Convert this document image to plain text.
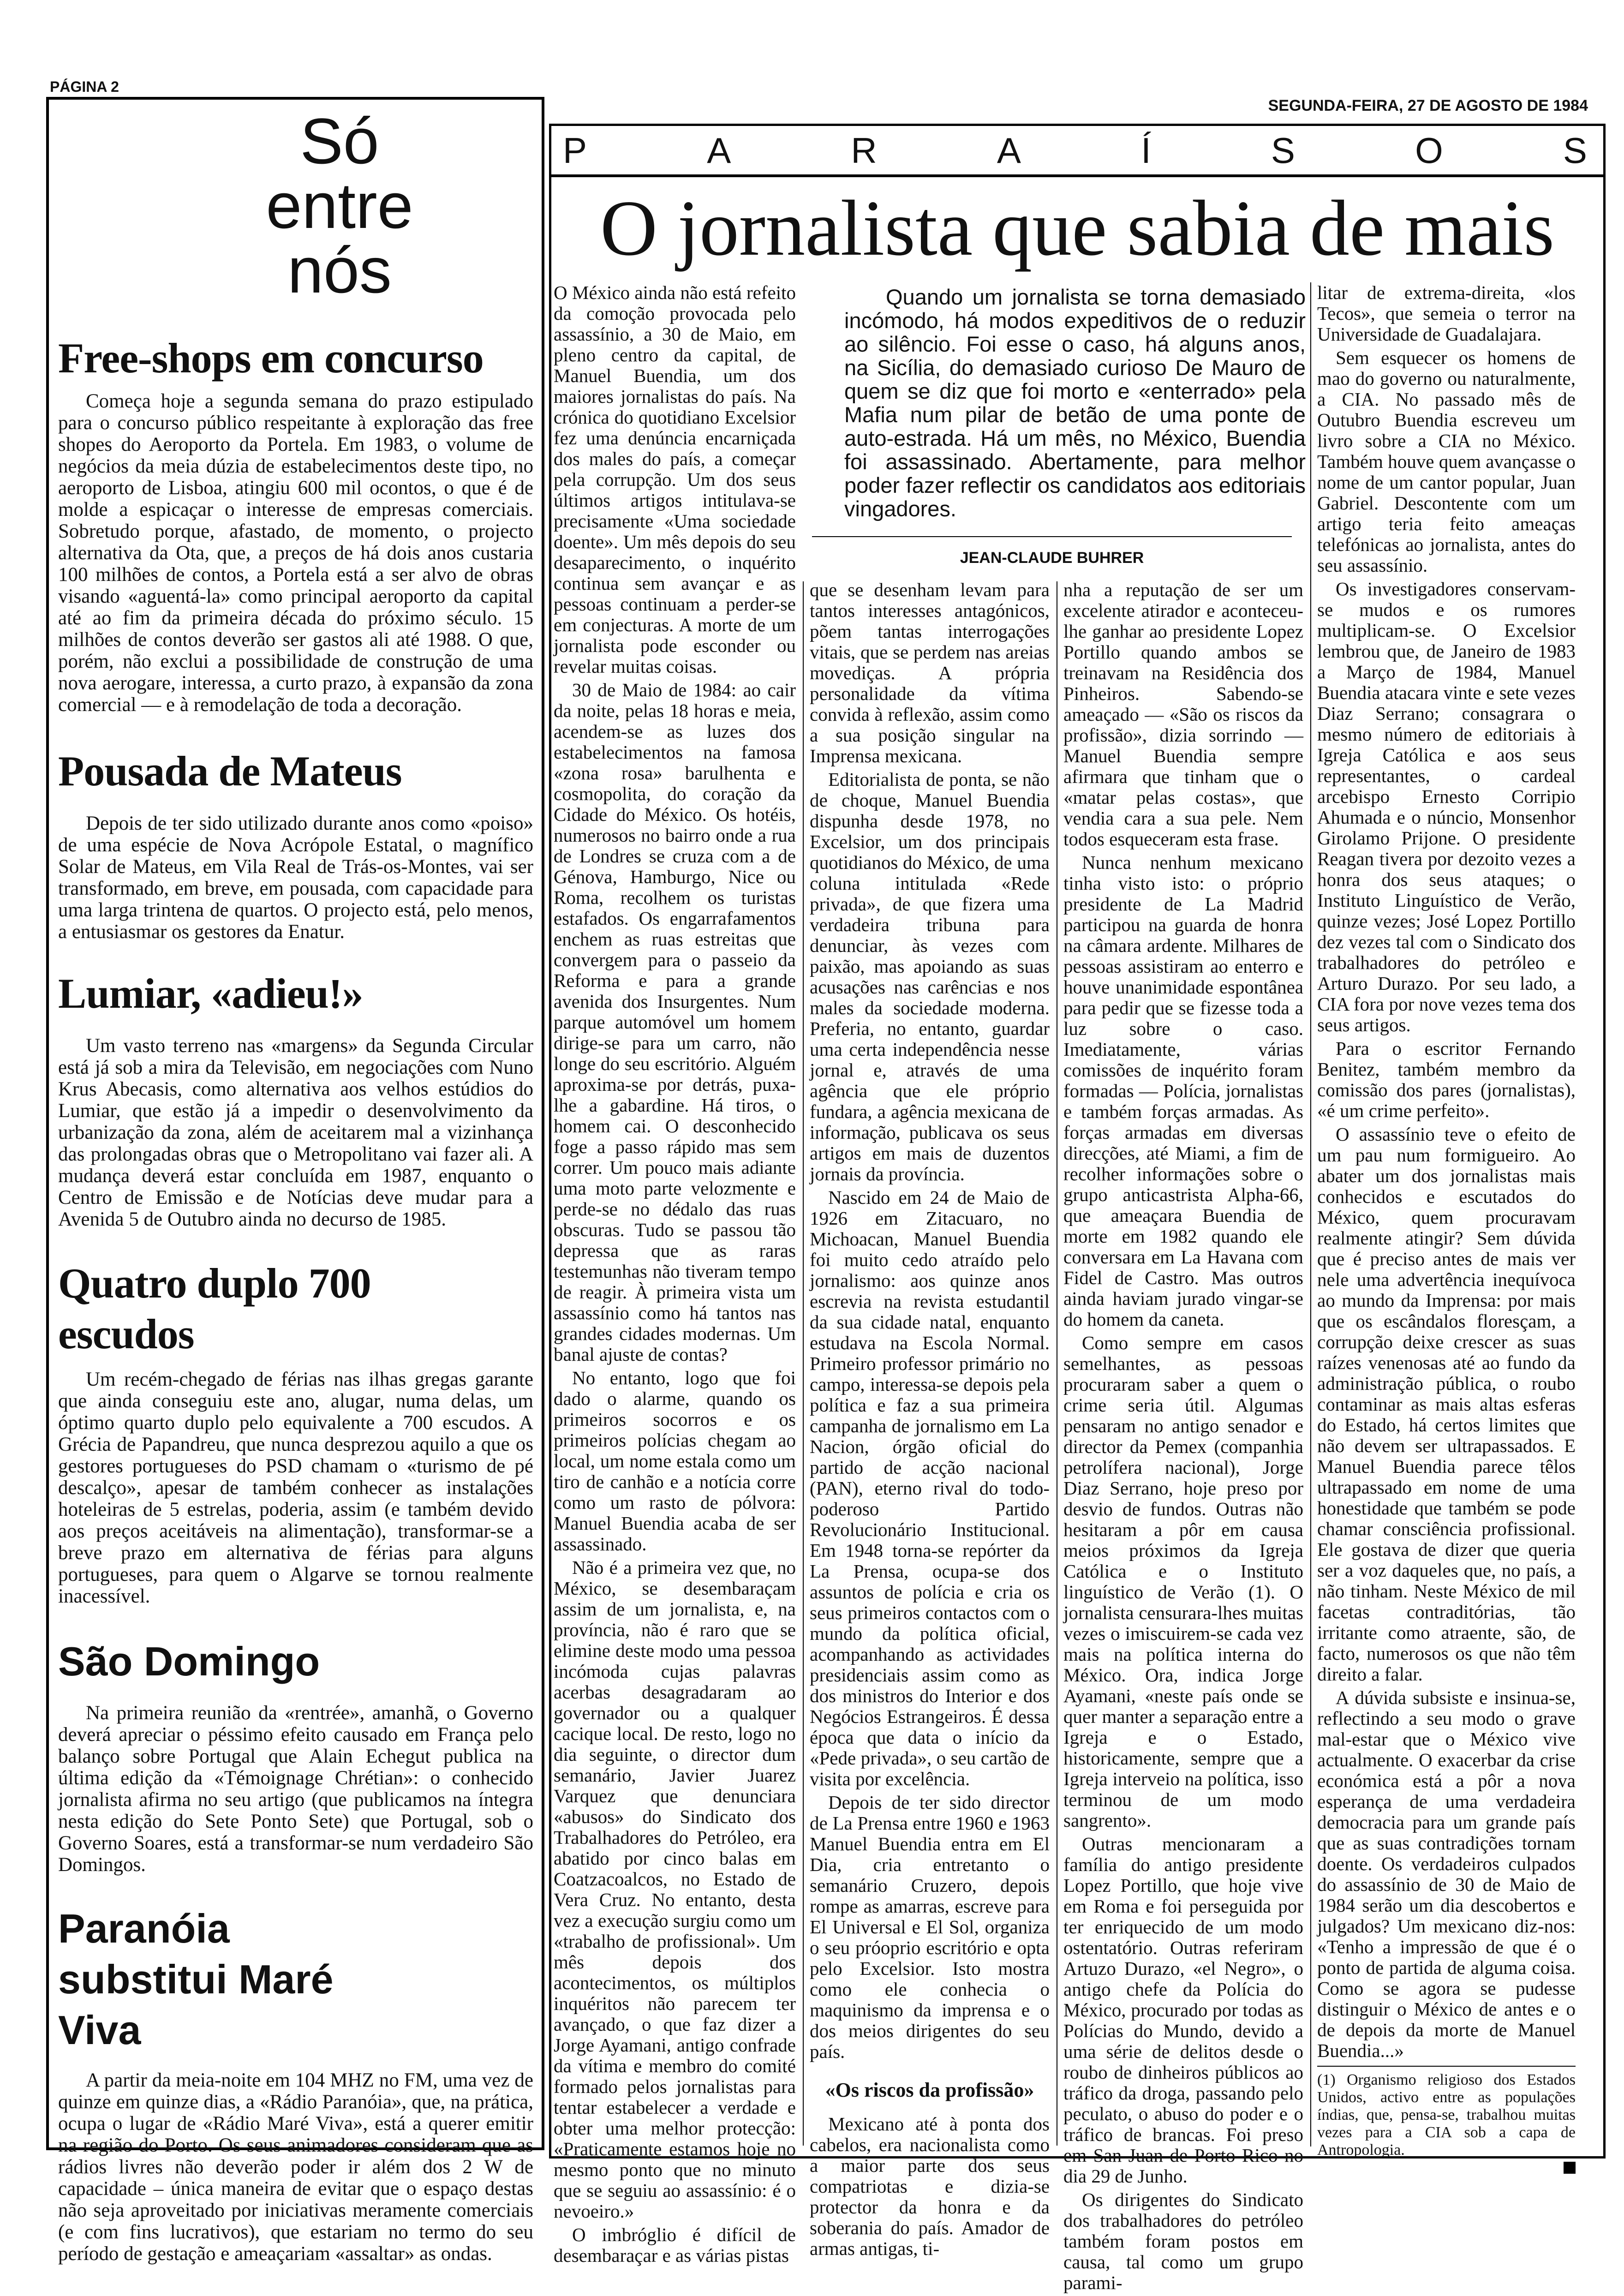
PÁGINA 2
SEGUNDA-FEIRA, 27 DE AGOSTO DE 1984
Só
entre
nós
Free-shops em concurso

Começa hoje a segunda semana do prazo estipulado para o concurso público respeitante à exploração das free shopes do Aeroporto da Portela. Em 1983, o volume de negócios da meia dúzia de estabelecimentos deste tipo, no aeroporto de Lisboa, atingiu 600 mil ocontos, o que é de molde a espicaçar o interesse de empresas comerciais. Sobretudo porque, afastado, de momento, o projecto alternativa da Ota, que, a preços de há dois anos custaria 100 milhões de contos, a Portela está a ser alvo de obras visando «aguentá-la» como principal aeroporto da capital até ao fim da primeira década do próximo século. 15 milhões de contos deverão ser gastos ali até 1988. O que, porém, não exclui a possibilidade de construção de uma nova aerogare, interessa, a curto prazo, à expansão da zona comercial — e à remodelação de toda a decoração.

Pousada de Mateus

Depois de ter sido utilizado durante anos como «poiso» de uma espécie de Nova Acrópole Estatal, o magnífico Solar de Mateus, em Vila Real de Trás-os-Montes, vai ser transformado, em breve, em pousada, com capacidade para uma larga trintena de quartos. O projecto está, pelo menos, a entusiasmar os gestores da Enatur.

Lumiar, «adieu!»

Um vasto terreno nas «margens» da Segunda Circular está já sob a mira da Televisão, em negociações com Nuno Krus Abecasis, como alternativa aos velhos estúdios do Lumiar, que estão já a impedir o desenvolvimento da urbanização da zona, além de aceitarem mal a vizinhança das prolongadas obras que o Metropolitano vai fazer ali. A mudança deverá estar concluída em 1987, enquanto o Centro de Emissão e de Notícias deve mudar para a Avenida 5 de Outubro ainda no decurso de 1985.

Quatro duplo 700 escudos

Um recém-chegado de férias nas ilhas gregas garante que ainda conseguiu este ano, alugar, numa delas, um óptimo quarto duplo pelo equivalente a 700 escudos. A Grécia de Papandreu, que nunca desprezou aquilo a que os gestores portugueses do PSD chamam o «turismo de pé descalço», apesar de também conhecer as instalações hoteleiras de 5 estrelas, poderia, assim (e também devido aos preços aceitáveis na alimentação), transformar-se a breve prazo em alternativa de férias para alguns portugueses, para quem o Algarve se tornou realmente inacessível.

São Domingo

Na primeira reunião da «rentrée», amanhã, o Governo deverá apreciar o péssimo efeito causado em França pelo balanço sobre Portugal que Alain Echegut publica na última edição da «Témoignage Chrétian»: o conhecido jornalista afirma no seu artigo (que publicamos na íntegra nesta edição do Sete Ponto Sete) que Portugal, sob o Governo Soares, está a transformar-se num verdadeiro São Domingos.

Paranóia substitui Maré Viva

A partir da meia-noite em 104 MHZ no FM, uma vez de quinze em quinze dias, a «Rádio Paranóia», que, na prática, ocupa o lugar de «Rádio Maré Viva», está a querer emitir na região do Porto. Os seus animadores consideram que as rádios livres não deverão poder ir além dos 2 W de capacidade – única maneira de evitar que o espaço destas não seja aproveitado por iniciativas meramente comerciais (e com fins lucrativos), que estariam no termo do seu período de gestação e ameaçariam «assaltar» as ondas.

P	A	R	A	Í	S	O	S
O jornalista que sabia de mais
Quando um jornalista se torna demasiado incómodo, há modos expeditivos de o reduzir ao silêncio. Foi esse o caso, há alguns anos, na Sicília, do demasiado curioso De Mauro de quem se diz que foi morto e «enterrado» pela Mafia num pilar de betão de uma ponte de auto-estrada. Há um mês, no México, Buendia foi assassinado. Abertamente, para melhor poder fazer reflectir os candidatos aos editoriais vingadores.
JEAN-CLAUDE BUHRER

O México ainda não está refeito da comoção provocada pelo assassínio, a 30 de Maio, em pleno centro da capital, de Manuel Buendia, um dos maiores jornalistas do país. Na crónica do quotidiano Excelsior fez uma denúncia encarniçada dos males do país, a começar pela corrupção. Um dos seus últimos artigos intitulava-se precisamente «Uma sociedade doente». Um mês depois do seu desaparecimento, o inquérito continua sem avançar e as pessoas continuam a perder-se em conjecturas. A morte de um jornalista pode esconder ou revelar muitas coisas.

30 de Maio de 1984: ao cair da noite, pelas 18 horas e meia, acendem-se as luzes dos estabelecimentos na famosa «zona rosa» barulhenta e cosmopolita, do coração da Cidade do México. Os hotéis, numerosos no bairro onde a rua de Londres se cruza com a de Génova, Hamburgo, Nice ou Roma, recolhem os turistas estafados. Os engarrafamentos enchem as ruas estreitas que convergem para o passeio da Reforma e para a grande avenida dos Insurgentes. Num parque automóvel um homem dirige-se para um carro, não longe do seu escritório. Alguém aproxima-se por detrás, puxa-lhe a gabardine. Há tiros, o homem cai. O desconhecido foge a passo rápido mas sem correr. Um pouco mais adiante uma moto parte velozmente e perde-se no dédalo das ruas obscuras. Tudo se passou tão depressa que as raras testemunhas não tiveram tempo de reagir. À primeira vista um assassínio como há tantos nas grandes cidades modernas. Um banal ajuste de contas?

No entanto, logo que foi dado o alarme, quando os primeiros socorros e os primeiros polícias chegam ao local, um nome estala como um tiro de canhão e a notícia corre como um rasto de pólvora: Manuel Buendia acaba de ser assassinado.

Não é a primeira vez que, no México, se desembaraçam assim de um jornalista, e, na província, não é raro que se elimine deste modo uma pessoa incómoda cujas palavras acerbas desagradaram ao governador ou a qualquer cacique local. De resto, logo no dia seguinte, o director dum semanário, Javier Juarez Varquez que denunciara «abusos» do Sindicato dos Trabalhadores do Petróleo, era abatido por cinco balas em Coatzacoalcos, no Estado de Vera Cruz. No entanto, desta vez a execução surgiu como um «trabalho de profissional». Um mês depois dos acontecimentos, os múltiplos inquéritos não parecem ter avançado, o que faz dizer a Jorge Ayamani, antigo confrade da vítima e membro do comité formado pelos jornalistas para tentar estabelecer a verdade e obter uma melhor protecção: «Praticamente estamos hoje no mesmo ponto que no minuto que se seguiu ao assassínio: é o nevoeiro.»

O imbróglio é difícil de desembaraçar e as várias pistas

que se desenham levam para tantos interesses antagónicos, põem tantas interrogações vitais, que se perdem nas areias movediças. A própria personalidade da vítima convida à reflexão, assim como a sua posição singular na Imprensa mexicana.

Editorialista de ponta, se não de choque, Manuel Buendia dispunha desde 1978, no Excelsior, um dos principais quotidianos do México, de uma coluna intitulada «Rede privada», de que fizera uma verdadeira tribuna para denunciar, às vezes com paixão, mas apoiando as suas acusações nas carências e nos males da sociedade moderna. Preferia, no entanto, guardar uma certa independência nesse jornal e, através de uma agência que ele próprio fundara, a agência mexicana de informação, publicava os seus artigos em mais de duzentos jornais da província.

Nascido em 24 de Maio de 1926 em Zitacuaro, no Michoacan, Manuel Buendia foi muito cedo atraído pelo jornalismo: aos quinze anos escrevia na revista estudantil da sua cidade natal, enquanto estudava na Escola Normal. Primeiro professor primário no campo, interessa-se depois pela política e faz a sua primeira campanha de jornalismo em La Nacion, órgão oficial do partido de acção nacional (PAN), eterno rival do todo-poderoso Partido Revolucionário Institucional. Em 1948 torna-se repórter da La Prensa, ocupa-se dos assuntos de polícia e cria os seus primeiros contactos com o mundo da política oficial, acompanhando as actividades presidenciais assim como as dos ministros do Interior e dos Negócios Estrangeiros. É dessa época que data o início da «Pede privada», o seu cartão de visita por excelência.

Depois de ter sido director de La Prensa entre 1960 e 1963 Manuel Buendia entra em El Dia, cria entretanto o semanário Cruzero, depois rompe as amarras, escreve para El Universal e El Sol, organiza o seu próoprio escritório e opta pelo Excelsior. Isto mostra como ele conhecia o maquinismo da imprensa e o dos meios dirigentes do seu país.

«Os riscos da profissão»

Mexicano até à ponta dos cabelos, era nacionalista como a maior parte dos seus compatriotas e dizia-se protector da honra e da soberania do país. Amador de armas antigas, ti-

nha a reputação de ser um excelente atirador e aconteceu-lhe ganhar ao presidente Lopez Portillo quando ambos se treinavam na Residência dos Pinheiros. Sabendo-se ameaçado — «São os riscos da profissão», dizia sorrindo — Manuel Buendia sempre afirmara que tinham que o «matar pelas costas», que vendia cara a sua pele. Nem todos esqueceram esta frase.

Nunca nenhum mexicano tinha visto isto: o próprio presidente de La Madrid participou na guarda de honra na câmara ardente. Milhares de pessoas assistiram ao enterro e houve unanimidade espontânea para pedir que se fizesse toda a luz sobre o caso. Imediatamente, várias comissões de inquérito foram formadas — Polícia, jornalistas e também forças armadas. As forças armadas em diversas direcções, até Miami, a fim de recolher informações sobre o grupo anticastrista Alpha-66, que ameaçara Buendia de morte em 1982 quando ele conversara em La Havana com Fidel de Castro. Mas outros ainda haviam jurado vingar-se do homem da caneta.

Como sempre em casos semelhantes, as pessoas procuraram saber a quem o crime seria útil. Algumas pensaram no antigo senador e director da Pemex (companhia petrolífera nacional), Jorge Diaz Serrano, hoje preso por desvio de fundos. Outras não hesitaram a pôr em causa meios próximos da Igreja Católica e o Instituto linguístico de Verão (1). O jornalista censurara-lhes muitas vezes o imiscuirem-se cada vez mais na política interna do México. Ora, indica Jorge Ayamani, «neste país onde se quer manter a separação entre a Igreja e o Estado, historicamente, sempre que a Igreja interveio na política, isso terminou de um modo sangrento».

Outras mencionaram a família do antigo presidente Lopez Portillo, que hoje vive em Roma e foi perseguida por ter enriquecido de um modo ostentatório. Outras referiram Artuzo Durazo, «el Negro», o antigo chefe da Polícia do México, procurado por todas as Polícias do Mundo, devido a uma série de delitos desde o roubo de dinheiros públicos ao tráfico da droga, passando pelo peculato, o abuso do poder e o tráfico de brancas. Foi preso em San Juan de Porto Rico no dia 29 de Junho.

Os dirigentes do Sindicato dos trabalhadores do petróleo também foram postos em causa, tal como um grupo parami-

litar de extrema-direita, «los Tecos», que semeia o terror na Universidade de Guadalajara.

Sem esquecer os homens de mao do governo ou naturalmente, a CIA. No passado mês de Outubro Buendia escreveu um livro sobre a CIA no México. Também houve quem avançasse o nome de um cantor popular, Juan Gabriel. Descontente com um artigo teria feito ameaças telefónicas ao jornalista, antes do seu assassínio.

Os investigadores conservam-se mudos e os rumores multiplicam-se. O Excelsior lembrou que, de Janeiro de 1983 a Março de 1984, Manuel Buendia atacara vinte e sete vezes Diaz Serrano; consagrara o mesmo número de editoriais à Igreja Católica e aos seus representantes, o cardeal arcebispo Ernesto Corripio Ahumada e o núncio, Monsenhor Girolamo Prijone. O presidente Reagan tivera por dezoito vezes a honra dos seus ataques; o Instituto Linguístico de Verão, quinze vezes; José Lopez Portillo dez vezes tal com o Sindicato dos trabalhadores do petróleo e Arturo Durazo. Por seu lado, a CIA fora por nove vezes tema dos seus artigos.

Para o escritor Fernando Benitez, também membro da comissão dos pares (jornalistas), «é um crime perfeito».

O assassínio teve o efeito de um pau num formigueiro. Ao abater um dos jornalistas mais conhecidos e escutados do México, quem procuravam realmente atingir? Sem dúvida que é preciso antes de mais ver nele uma advertência inequívoca ao mundo da Imprensa: por mais que os escândalos floresçam, a corrupção deixe crescer as suas raízes venenosas até ao fundo da administração pública, o roubo contaminar as mais altas esferas do Estado, há certos limites que não devem ser ultrapassados. E Manuel Buendia parece têlos ultrapassado em nome de uma honestidade que também se pode chamar consciência profissional. Ele gostava de dizer que queria ser a voz daqueles que, no país, a não tinham. Neste México de mil facetas contraditórias, tão irritante como atraente, são, de facto, numerosos os que não têm direito a falar.

A dúvida subsiste e insinua-se, reflectindo a seu modo o grave mal-estar que o México vive actualmente. O exacerbar da crise económica está a pôr a nova esperança de uma verdadeira democracia para um grande país que as suas contradições tornam doente. Os verdadeiros culpados do assassínio de 30 de Maio de 1984 serão um dia descobertos e julgados? Um mexicano diz-nos: «Tenho a impressão de que é o ponto de partida de alguma coisa. Como se agora se pudesse distinguir o México de antes e o de depois da morte de Manuel Buendia...»

(1) Organismo religioso dos Estados Unidos, activo entre as populações índias, que, pensa-se, trabalhou muitas vezes para a CIA sob a capa de Antropologia.
